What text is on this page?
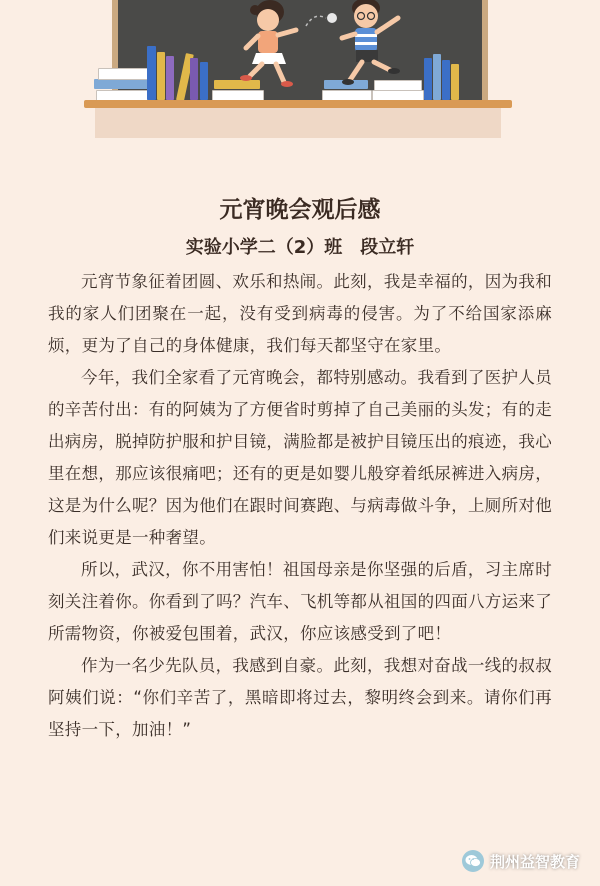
元宵晚会观后感
实验小学二（2）班　段立轩

元宵节象征着团圆、欢乐和热闹。此刻，我是幸福的，因为我和我的家人们团聚在一起，没有受到病毒的侵害。为了不给国家添麻烦，更为了自己的身体健康，我们每天都坚守在家里。

今年，我们全家看了元宵晚会，都特别感动。我看到了医护人员的辛苦付出：有的阿姨为了方便省时剪掉了自己美丽的头发；有的走出病房，脱掉防护服和护目镜，满脸都是被护目镜压出的痕迹，我心里在想，那应该很痛吧；还有的更是如婴儿般穿着纸尿裤进入病房，这是为什么呢？因为他们在跟时间赛跑、与病毒做斗争，上厕所对他们来说更是一种奢望。

所以，武汉，你不用害怕！祖国母亲是你坚强的后盾，习主席时刻关注着你。你看到了吗？汽车、飞机等都从祖国的四面八方运来了所需物资，你被爱包围着，武汉，你应该感受到了吧！

作为一名少先队员，我感到自豪。此刻，我想对奋战一线的叔叔阿姨们说：“你们辛苦了，黑暗即将过去，黎明终会到来。请你们再坚持一下，加油！”

荆州益智教育
